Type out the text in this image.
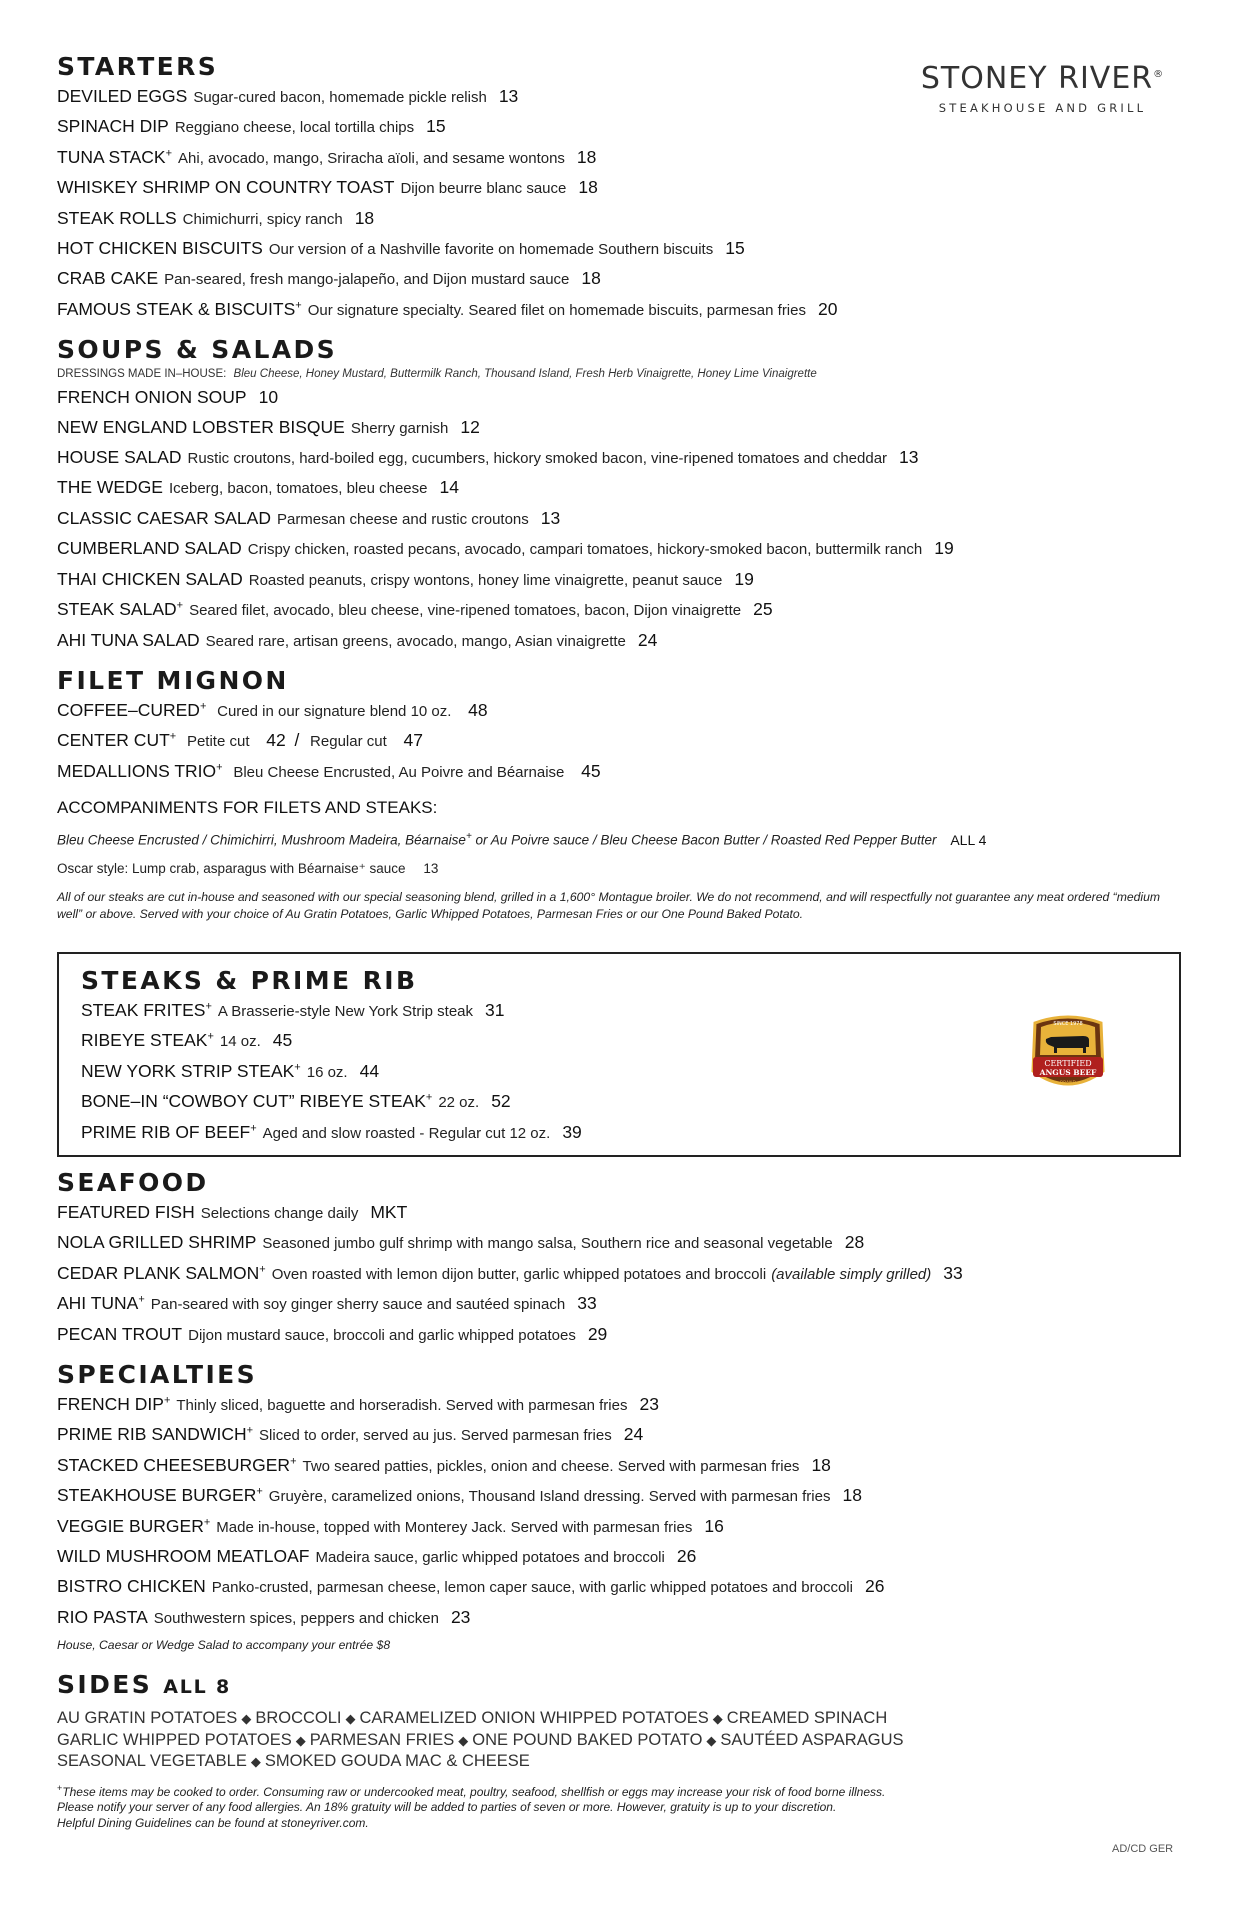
STONEY RIVER®
STEAKHOUSE AND GRILL
STARTERS
DEVILED EGGS Sugar-cured bacon, homemade pickle relish 13
SPINACH DIP Reggiano cheese, local tortilla chips 15
TUNA STACK+ Ahi, avocado, mango, Sriracha aïoli, and sesame wontons 18
WHISKEY SHRIMP ON COUNTRY TOAST Dijon beurre blanc sauce 18
STEAK ROLLS Chimichurri, spicy ranch 18
HOT CHICKEN BISCUITS Our version of a Nashville favorite on homemade Southern biscuits 15
CRAB CAKE Pan-seared, fresh mango-jalapeño, and Dijon mustard sauce 18
FAMOUS STEAK & BISCUITS+ Our signature specialty. Seared filet on homemade biscuits, parmesan fries 20
SOUPS & SALADS
DRESSINGS MADE IN–HOUSE: Bleu Cheese, Honey Mustard, Buttermilk Ranch, Thousand Island, Fresh Herb Vinaigrette, Honey Lime Vinaigrette
FRENCH ONION SOUP 10
NEW ENGLAND LOBSTER BISQUE Sherry garnish 12
HOUSE SALAD Rustic croutons, hard-boiled egg, cucumbers, hickory smoked bacon, vine-ripened tomatoes and cheddar 13
THE WEDGE Iceberg, bacon, tomatoes, bleu cheese 14
CLASSIC CAESAR SALAD Parmesan cheese and rustic croutons 13
CUMBERLAND SALAD Crispy chicken, roasted pecans, avocado, campari tomatoes, hickory-smoked bacon, buttermilk ranch 19
THAI CHICKEN SALAD Roasted peanuts, crispy wontons, honey lime vinaigrette, peanut sauce 19
STEAK SALAD+ Seared filet, avocado, bleu cheese, vine-ripened tomatoes, bacon, Dijon vinaigrette 25
AHI TUNA SALAD Seared rare, artisan greens, avocado, mango, Asian vinaigrette 24
FILET MIGNON
COFFEE–CURED+ Cured in our signature blend 10 oz. 48
CENTER CUT+ Petite cut 42 / Regular cut 47
MEDALLIONS TRIO+ Bleu Cheese Encrusted, Au Poivre and Béarnaise 45
ACCOMPANIMENTS FOR FILETS AND STEAKS:
Bleu Cheese Encrusted / Chimichirri, Mushroom Madeira, Béarnaise+ or Au Poivre sauce / Bleu Cheese Bacon Butter / Roasted Red Pepper Butter ALL 4
Oscar style: Lump crab, asparagus with Béarnaise⁺ sauce 13
All of our steaks are cut in-house and seasoned with our special seasoning blend, grilled in a 1,600° Montague broiler. We do not recommend, and will respectfully not guarantee any meat ordered “medium well” or above. Served with your choice of Au Gratin Potatoes, Garlic Whipped Potatoes, Parmesan Fries or our One Pound Baked Potato.
STEAKS & PRIME RIB
STEAK FRITES+ A Brasserie-style New York Strip steak 31
RIBEYE STEAK+ 14 oz. 45
NEW YORK STRIP STEAK+ 16 oz. 44
BONE–IN “COWBOY CUT” RIBEYE STEAK+ 22 oz. 52
PRIME RIB OF BEEF+ Aged and slow roasted - Regular cut 12 oz. 39
SINCE 1978
CERTIFIED
ANGUS BEEF
BRAND
SEAFOOD
FEATURED FISH Selections change daily MKT
NOLA GRILLED SHRIMP Seasoned jumbo gulf shrimp with mango salsa, Southern rice and seasonal vegetable 28
CEDAR PLANK SALMON+ Oven roasted with lemon dijon butter, garlic whipped potatoes and broccoli (available simply grilled) 33
AHI TUNA+ Pan-seared with soy ginger sherry sauce and sautéed spinach 33
PECAN TROUT Dijon mustard sauce, broccoli and garlic whipped potatoes 29
SPECIALTIES
FRENCH DIP+ Thinly sliced, baguette and horseradish. Served with parmesan fries 23
PRIME RIB SANDWICH+ Sliced to order, served au jus. Served parmesan fries 24
STACKED CHEESEBURGER+ Two seared patties, pickles, onion and cheese. Served with parmesan fries 18
STEAKHOUSE BURGER+ Gruyère, caramelized onions, Thousand Island dressing. Served with parmesan fries 18
VEGGIE BURGER+ Made in-house, topped with Monterey Jack. Served with parmesan fries 16
WILD MUSHROOM MEATLOAF Madeira sauce, garlic whipped potatoes and broccoli 26
BISTRO CHICKEN Panko-crusted, parmesan cheese, lemon caper sauce, with garlic whipped potatoes and broccoli 26
RIO PASTA Southwestern spices, peppers and chicken 23
House, Caesar or Wedge Salad to accompany your entrée $8
SIDES ALL 8
AU GRATIN POTATOES ◆ BROCCOLI ◆ CARAMELIZED ONION WHIPPED POTATOES ◆ CREAMED SPINACH
GARLIC WHIPPED POTATOES ◆ PARMESAN FRIES ◆ ONE POUND BAKED POTATO ◆ SAUTÉED ASPARAGUS
SEASONAL VEGETABLE ◆ SMOKED GOUDA MAC & CHEESE
+These items may be cooked to order. Consuming raw or undercooked meat, poultry, seafood, shellfish or eggs may increase your risk of food borne illness.
Please notify your server of any food allergies. An 18% gratuity will be added to parties of seven or more. However, gratuity is up to your discretion.
Helpful Dining Guidelines can be found at stoneyriver.com.
AD/CD GER
